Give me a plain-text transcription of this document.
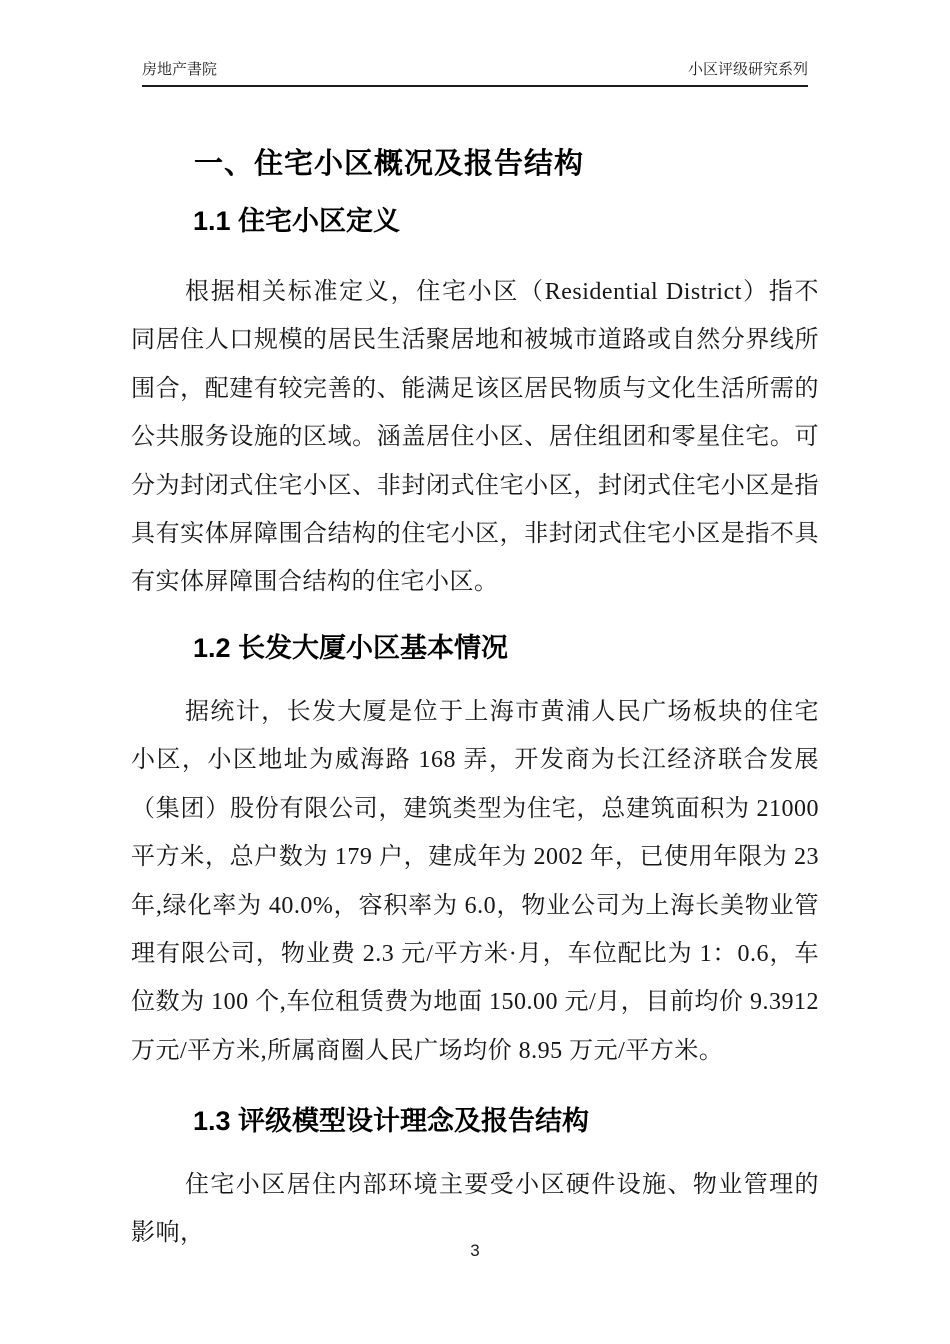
房地产書院	小区评级研究系列
一、住宅小区概况及报告结构
1.1 住宅小区定义

根据相关标准定义，住宅小区（Residential District）指不同居住人口规模的居民生活聚居地和被城市道路或自然分界线所围合，配建有较完善的、能满足该区居民物质与文化生活所需的公共服务设施的区域。涵盖居住小区、居住组团和零星住宅。可分为封闭式住宅小区、非封闭式住宅小区，封闭式住宅小区是指具有实体屏障围合结构的住宅小区，非封闭式住宅小区是指不具有实体屏障围合结构的住宅小区。

1.2 长发大厦小区基本情况

据统计，长发大厦是位于上海市黄浦人民广场板块的住宅小区，小区地址为威海路 168 弄，开发商为长江经济联合发展（集团）股份有限公司，建筑类型为住宅，总建筑面积为 21000 平方米，总户数为 179 户，建成年为 2002 年，已使用年限为 23 年,绿化率为 40.0%，容积率为 6.0，物业公司为上海长美物业管理有限公司，物业费 2.3 元/平方米·月，车位配比为 1：0.6，车位数为 100 个,车位租赁费为地面 150.00 元/月，目前均价 9.3912 万元/平方米,所属商圈人民广场均价 8.95 万元/平方米。

1.3 评级模型设计理念及报告结构

住宅小区居住内部环境主要受小区硬件设施、物业管理的影响，

3
